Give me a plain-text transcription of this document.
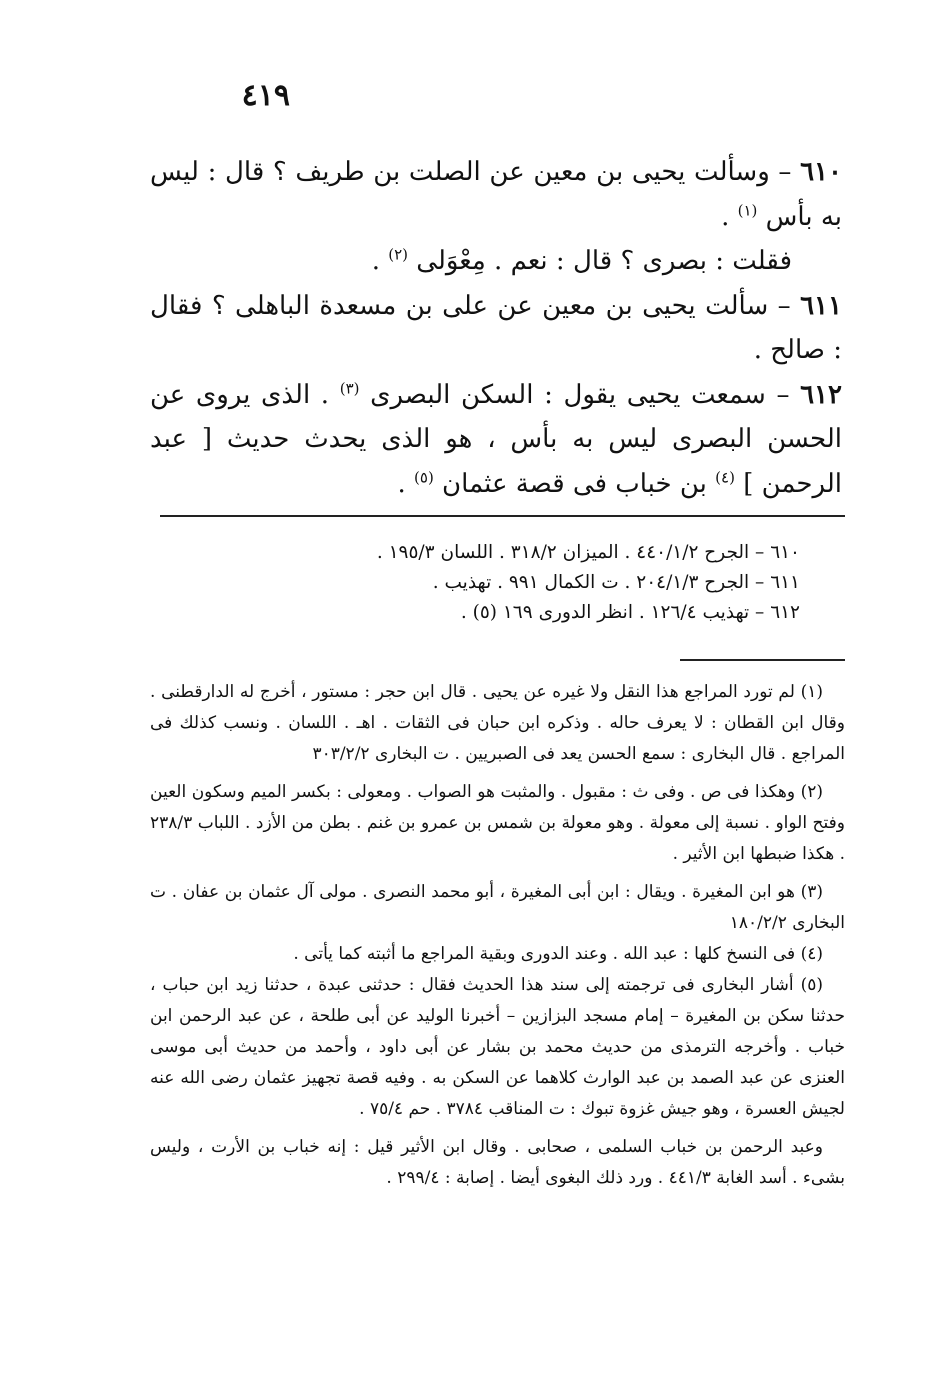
٤١٩

٦١٠ – وسألت يحيى بن معين عن الصلت بن طريف ؟ قال : ليس به بأس $^{(١)}$ .

فقلت : بصرى ؟ قال : نعم . مِعْوَلى $^{(٢)}$ .

٦١١ – سألت يحيى بن معين عن على بن مسعدة الباهلى ؟ فقال : صالح .

٦١٢ – سمعت يحيى يقول : السكن البصرى $^{(٣)}$ . الذى يروى عن الحسن البصرى ليس به بأس ، هو الذى يحدث حديث [ عبد الرحمن ] $^{(٤)}$ بن خباب فى قصة عثمان $^{(٥)}$ .

٦١٠ – الجرح ٤٤٠/١/٢ . الميزان ٣١٨/٢ . اللسان ١٩٥/٣ .

٦١١ – الجرح ٢٠٤/١/٣ . ت الكمال ٩٩١ . تهذيب .

٦١٢ – تهذيب ١٢٦/٤ . انظر الدورى ١٦٩ (٥) .

(١) لم تورد المراجع هذا النقل ولا غيره عن يحيى . قال ابن حجر : مستور ، أخرج له الدارقطنى . وقال ابن القطان : لا يعرف حاله . وذكره ابن حبان فى الثقات . اهـ . اللسان . ونسب كذلك فى المراجع . قال البخارى : سمع الحسن يعد فى الصبريين . ت البخارى ٣٠٣/٢/٢

(٢) وهكذا فى ص . وفى ث : مقبول . والمثبت هو الصواب . ومعولى : بكسر الميم وسكون العين وفتح الواو . نسبة إلى معولة . وهو معولة بن شمس بن عمرو بن غنم . بطن من الأزد . اللباب ٢٣٨/٣ . هكذا ضبطها ابن الأثير .

(٣) هو ابن المغيرة . ويقال : ابن أبى المغيرة ، أبو محمد النصرى . مولى آل عثمان بن عفان . ت البخارى ١٨٠/٢/٢

(٤) فى النسخ كلها : عبد الله . وعند الدورى وبقية المراجع ما أثبته كما يأتى .

(٥) أشار البخارى فى ترجمته إلى سند هذا الحديث فقال : حدثنى عبدة ، حدثنا زيد ابن حباب ، حدثنا سكن بن المغيرة – إمام مسجد البزازين – أخبرنا الوليد عن أبى طلحة ، عن عبد الرحمن ابن خباب . وأخرجه الترمذى من حديث محمد بن بشار عن أبى داود ، وأحمد من حديث أبى موسى العنزى عن عبد الصمد بن عبد الوارث كلاهما عن السكن به . وفيه قصة تجهيز عثمان رضى الله عنه لجيش العسرة ، وهو جيش غزوة تبوك : ت المناقب ٣٧٨٤ . حم ٧٥/٤ .

وعبد الرحمن بن خباب السلمى ، صحابى . وقال ابن الأثير قيل : إنه خباب بن الأرت ، وليس بشىء . أسد الغابة ٤٤١/٣ . ورد ذلك البغوى أيضا . إصابة : ٢٩٩/٤ .
